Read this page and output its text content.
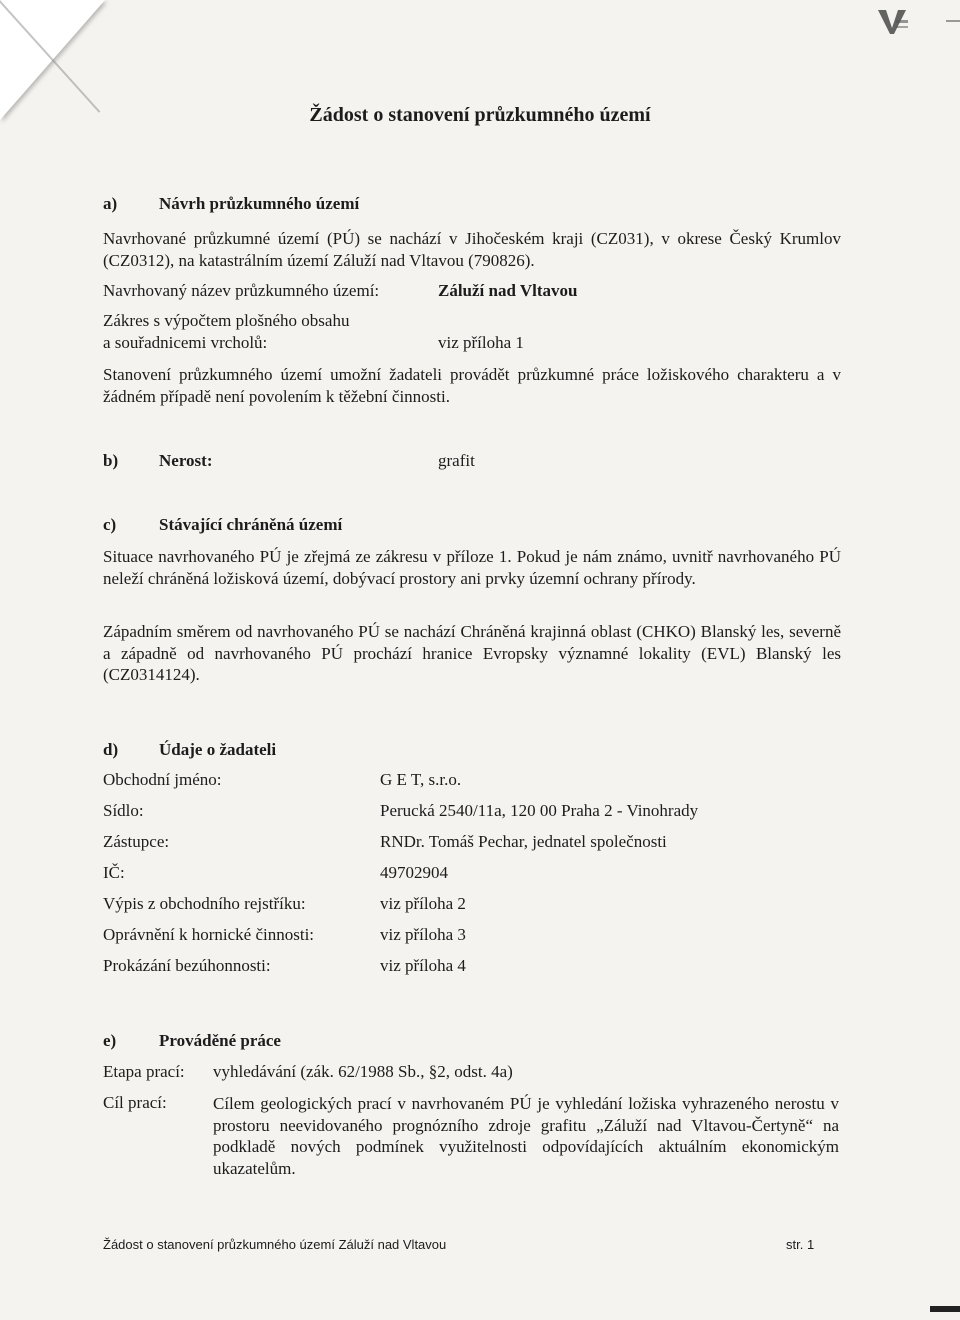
Žádost o stanovení průzkumného území
a) Návrh průzkumného území
Navrhované průzkumné území (PÚ) se nachází v Jihočeském kraji (CZ031), v okrese Český Krumlov (CZ0312), na katastrálním území Záluží nad Vltavou (790826).
Navrhovaný název průzkumného území:	Záluží nad Vltavou
Zákres s výpočtem plošného obsahu
a souřadnicemi vrcholů:	viz příloha 1
Stanovení průzkumného území umožní žadateli provádět průzkumné práce ložiskového charakteru a v žádném případě není povolením k těžební činnosti.
b) Nerost:	grafit
c)	Stávající chráněná území
Situace navrhovaného PÚ je zřejmá ze zákresu v příloze 1. Pokud je nám známo, uvnitř navrhovaného PÚ neleží chráněná ložisková území, dobývací prostory ani prvky územní ochrany přírody.
Západním směrem od navrhovaného PÚ se nachází Chráněná krajinná oblast (CHKO) Blanský les, severně a západně od navrhovaného PÚ prochází hranice Evropsky významné lokality (EVL) Blanský les (CZ0314124).
d) Údaje o žadateli
Obchodní jméno:	G E T, s.r.o.
Sídlo:	Perucká 2540/11a, 120 00 Praha 2 - Vinohrady
Zástupce:	RNDr. Tomáš Pechar, jednatel společnosti
IČ:	49702904
Výpis z obchodního rejstříku:	viz příloha 2
Oprávnění k hornické činnosti:	viz příloha 3
Prokázání bezúhonnosti:	viz příloha 4
e)	Prováděné práce
Etapa prací: vyhledávání (zák. 62/1988 Sb., §2, odst. 4a)
Cíl prací:	Cílem geologických prací v navrhovaném PÚ je vyhledání ložiska vyhrazeného nerostu v prostoru neevidovaného prognózního zdroje grafitu „Záluží nad Vltavou-Čertyně“ na podkladě nových podmínek využitelnosti odpovídajících aktuálním ekonomickým ukazatelům.
Žádost o stanovení průzkumného území Záluží nad Vltavou	str. 1
